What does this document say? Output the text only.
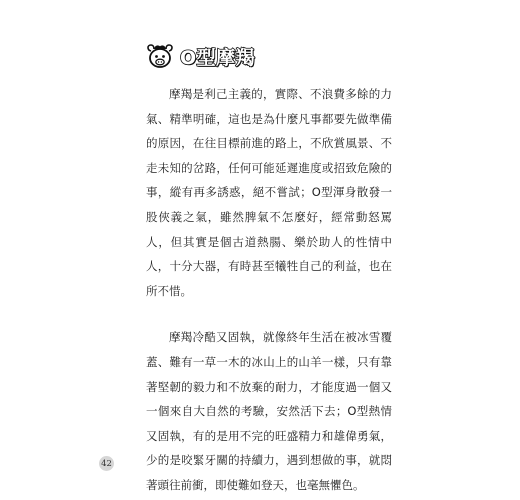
O型摩羯

摩羯是利己主義的，實際、不浪費多餘的力氣、精準明確，這也是為什麼凡事都要先做準備的原因，在往目標前進的路上，不欣賞風景、不走未知的岔路，任何可能延遲進度或招致危險的事，縱有再多誘惑，絕不嘗試；O型渾身散發一股俠義之氣，雖然脾氣不怎麼好，經常動怒罵人，但其實是個古道熱腸、樂於助人的性情中人，十分大器，有時甚至犧牲自己的利益，也在所不惜。

摩羯冷酷又固執，就像終年生活在被冰雪覆蓋、難有一草一木的冰山上的山羊一樣，只有靠著堅韌的毅力和不放棄的耐力，才能度過一個又一個來自大自然的考驗，安然活下去；O型熱情又固執，有的是用不完的旺盛精力和雄偉勇氣，少的是咬緊牙關的持續力，遇到想做的事，就悶著頭往前衝，即使難如登天，也毫無懼色。

42
